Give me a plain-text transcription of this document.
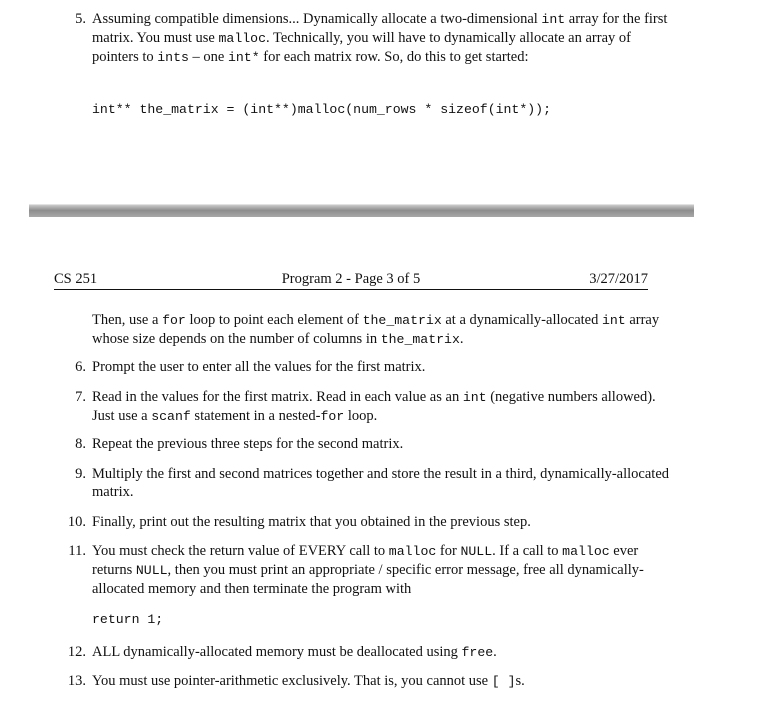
5. Assuming compatible dimensions... Dynamically allocate a two-dimensional int array for the first matrix. You must use malloc. Technically, you will have to dynamically allocate an array of pointers to ints – one int* for each matrix row. So, do this to get started:
int** the_matrix = (int**)malloc(num_rows * sizeof(int*));
CS 251	Program 2 - Page 3 of 5	3/27/2017
Then, use a for loop to point each element of the_matrix at a dynamically-allocated int array whose size depends on the number of columns in the_matrix.
6. Prompt the user to enter all the values for the first matrix.
7. Read in the values for the first matrix. Read in each value as an int (negative numbers allowed). Just use a scanf statement in a nested-for loop.
8. Repeat the previous three steps for the second matrix.
9. Multiply the first and second matrices together and store the result in a third, dynamically-allocated matrix.
10. Finally, print out the resulting matrix that you obtained in the previous step.
11. You must check the return value of EVERY call to malloc for NULL. If a call to malloc ever returns NULL, then you must print an appropriate / specific error message, free all dynamically-allocated memory and then terminate the program with
return 1;
12. ALL dynamically-allocated memory must be deallocated using free.
13. You must use pointer-arithmetic exclusively. That is, you cannot use [ ]s.
